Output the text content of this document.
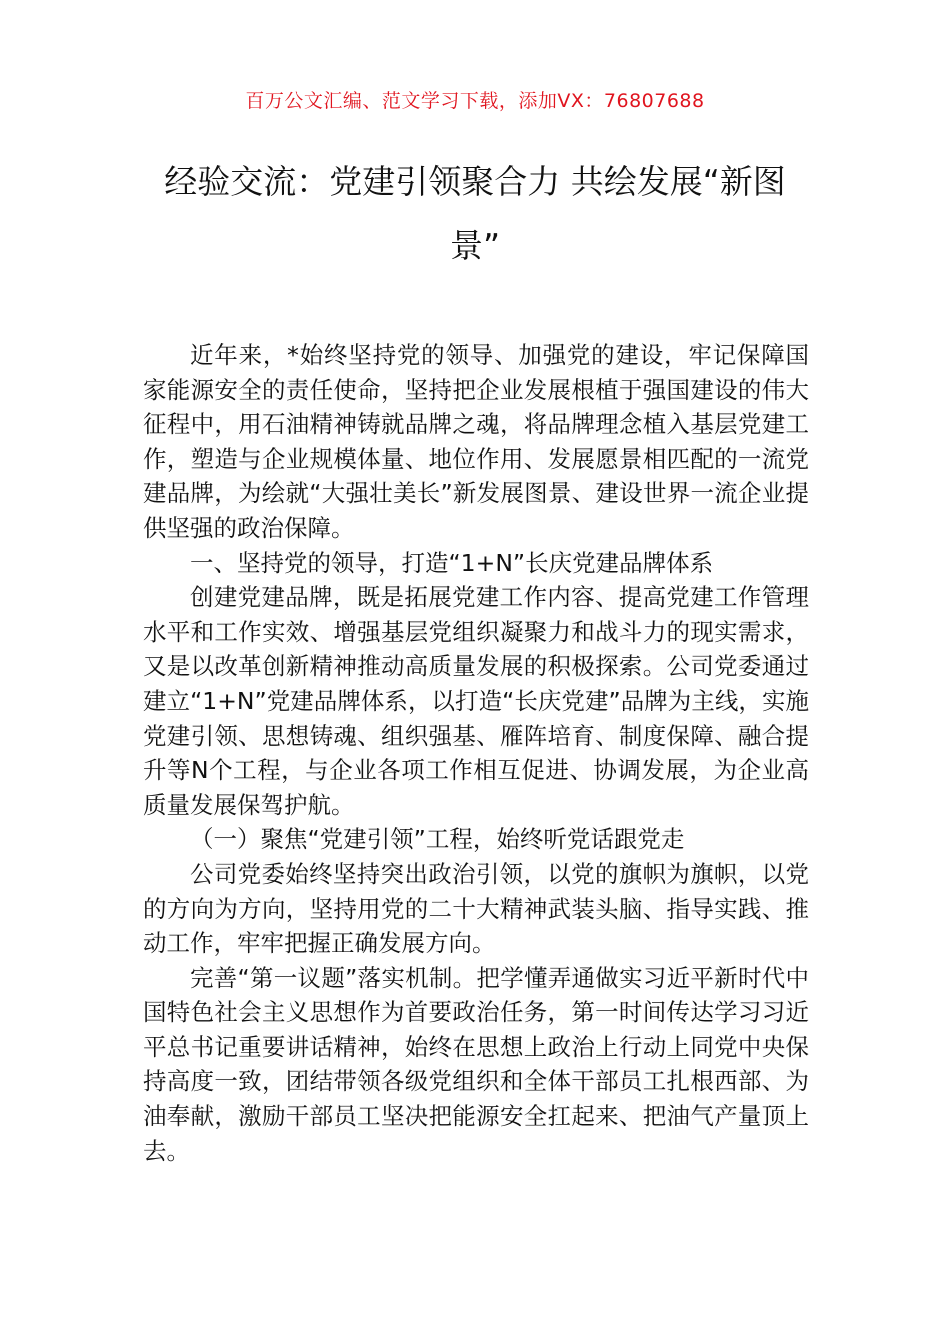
百万公文汇编、范文学习下载，添加VX：76807688
经验交流：党建引领聚合力 共绘发展“新图景”

近年来，*始终坚持党的领导、加强党的建设，牢记保障国家能源安全的责任使命，坚持把企业发展根植于强国建设的伟大征程中，用石油精神铸就品牌之魂，将品牌理念植入基层党建工作，塑造与企业规模体量、地位作用、发展愿景相匹配的一流党建品牌，为绘就“大强壮美长”新发展图景、建设世界一流企业提供坚强的政治保障。

一、坚持党的领导，打造“1+N”长庆党建品牌体系

创建党建品牌，既是拓展党建工作内容、提高党建工作管理水平和工作实效、增强基层党组织凝聚力和战斗力的现实需求，又是以改革创新精神推动高质量发展的积极探索。公司党委通过建立“1+N”党建品牌体系，以打造“长庆党建”品牌为主线，实施党建引领、思想铸魂、组织强基、雁阵培育、制度保障、融合提升等N个工程，与企业各项工作相互促进、协调发展，为企业高质量发展保驾护航。

（一）聚焦“党建引领”工程，始终听党话跟党走

公司党委始终坚持突出政治引领，以党的旗帜为旗帜，以党的方向为方向，坚持用党的二十大精神武装头脑、指导实践、推动工作，牢牢把握正确发展方向。

完善“第一议题”落实机制。把学懂弄通做实习近平新时代中国特色社会主义思想作为首要政治任务，第一时间传达学习习近平总书记重要讲话精神，始终在思想上政治上行动上同党中央保持高度一致，团结带领各级党组织和全体干部员工扎根西部、为油奉献，激励干部员工坚决把能源安全扛起来、把油气产量顶上去。
